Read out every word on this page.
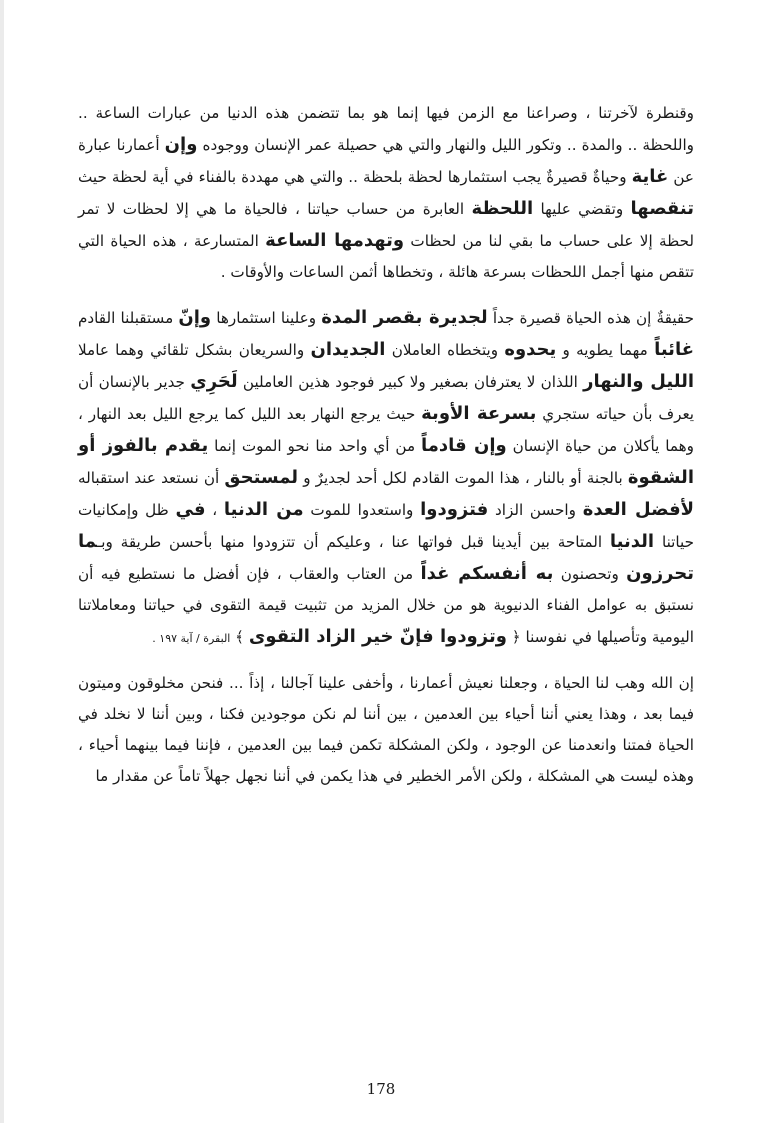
وقنطرة لآخرتنا ، وصراعنا مع الزمن فيها إنما هو بما تتضمن هذه الدنيا من عبارات الساعة .. واللحظة .. والمدة .. وتكور الليل والنهار والتي هي حصيلة عمر الإنسان ووجوده وإن أعمارنا عبارة عن غاية وحياةٌ قصيرةٌ يجب استثمارها لحظة بلحظة .. والتي هي مهددة بالفناء في أية لحظة حيث تنقصها وتقضي عليها اللحظة العابرة من حساب حياتنا ، فالحياة ما هي إلا لحظات لا تمر لحظة إلا على حساب ما بقي لنا من لحظات وتهدمها الساعة المتسارعة ، هذه الحياة التي تتقص منها أجمل اللحظات بسرعة هائلة ، وتخطاها أثمن الساعات والأوقات .

حقيقةٌ إن هذه الحياة قصيرة جداً لجديرة بقصر المدة وعلينا استثمارها وإنّ مستقبلنا القادم غائباً مهما يطويه و يحدوه ويتخطاه العاملان الجديدان والسريعان بشكل تلقائي وهما عاملا الليل والنهار اللذان لا يعترفان بصغير ولا كبير فوجود هذين العاملين لَحَرِي جدير بالإنسان أن يعرف بأن حياته ستجري بسرعة الأوبة حيث يرجع النهار بعد الليل كما يرجع الليل بعد النهار ، وهما يأكلان من حياة الإنسان وإن قادماً من أي واحد منا نحو الموت إنما يقدم بالفوز أو الشقوة بالجنة أو بالنار ، هذا الموت القادم لكل أحد لجديرٌ و لمستحق أن نستعد عند استقباله لأفضل العدة واحسن الزاد فتزودوا واستعدوا للموت من الدنيا ، في ظل وإمكانيات حياتنا الدنيا المتاحة بين أيدينا قبل فواتها عنا ، وعليكم أن تتزودوا منها بأحسن طريقة وبـما تحرزون وتحصنون به أنفسكم غداً من العتاب والعقاب ، فإن أفضل ما نستطيع فيه أن نستبق به عوامل الفناء الدنيوية هو من خلال المزيد من تثبيت قيمة التقوى في حياتنا ومعاملاتنا اليومية وتأصيلها في نفوسنا ﴿ وتزودوا فإنّ خير الزاد التقوى ﴾ البقرة / آية ١٩٧ .

إن الله وهب لنا الحياة ، وجعلنا نعيش أعمارنا ، وأخفى علينا آجالنا ، إذاً ... فنحن مخلوقون وميتون فيما بعد ، وهذا يعني أننا أحياء بين العدمين ، بين أننا لم نكن موجودين فكنا ، وبين أننا لا نخلد في الحياة فمتنا وانعدمنا عن الوجود ، ولكن المشكلة تكمن فيما بين العدمين ، فإننا فيما بينهما أحياء ، وهذه ليست هي المشكلة ، ولكن الأمر الخطير في هذا يكمن في أننا نجهل جهلاً تاماً عن مقدار ما

178
